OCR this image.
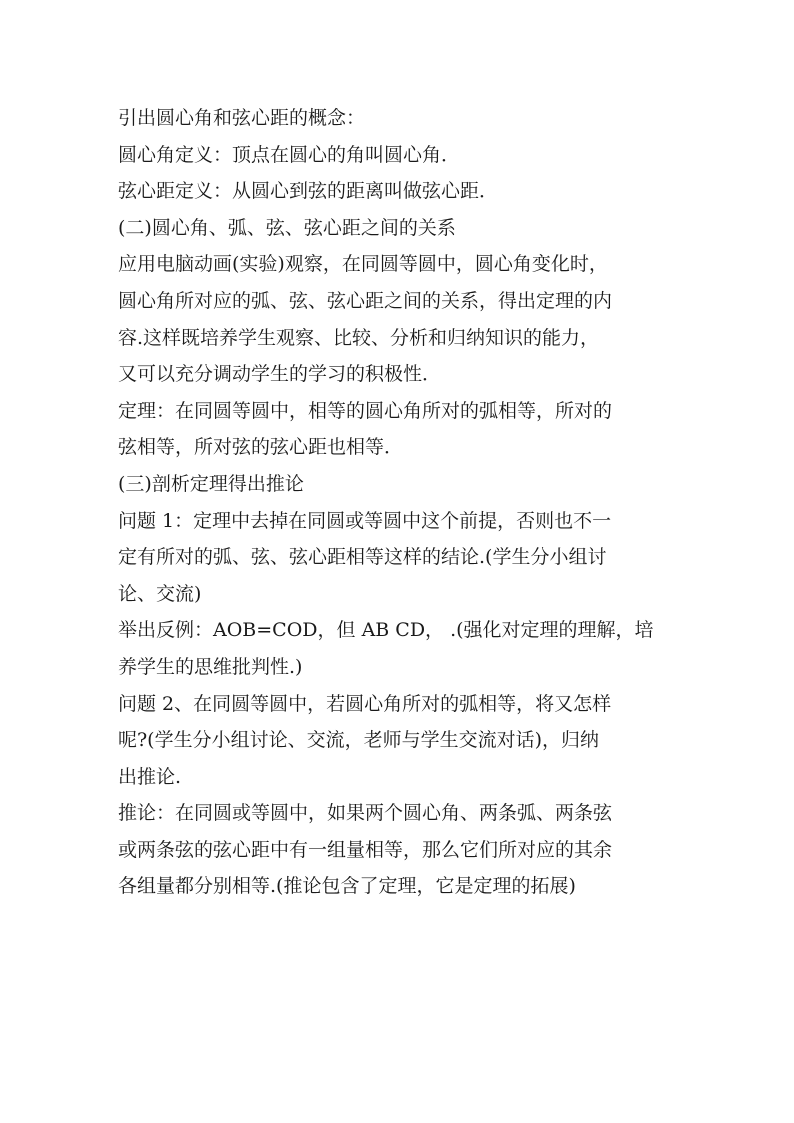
引出圆心角和弦心距的概念：
圆心角定义：顶点在圆心的角叫圆心角．
弦心距定义：从圆心到弦的距离叫做弦心距．
(二)圆心角、弧、弦、弦心距之间的关系
应用电脑动画(实验)观察，在同圆等圆中，圆心角变化时，
圆心角所对应的弧、弦、弦心距之间的关系，得出定理的内
容.这样既培养学生观察、比较、分析和归纳知识的能力，
又可以充分调动学生的学习的积极性．
定理：在同圆等圆中，相等的圆心角所对的弧相等，所对的
弦相等，所对弦的弦心距也相等．
(三)剖析定理得出推论
问题 1：定理中去掉在同圆或等圆中这个前提，否则也不一
定有所对的弧、弦、弦心距相等这样的结论.(学生分小组讨
论、交流)
举出反例：AOB=COD，但 AB CD， .(强化对定理的理解，培
养学生的思维批判性.)
问题 2、在同圆等圆中，若圆心角所对的弧相等，将又怎样
呢?(学生分小组讨论、交流，老师与学生交流对话)，归纳
出推论.
推论：在同圆或等圆中，如果两个圆心角、两条弧、两条弦
或两条弦的弦心距中有一组量相等，那么它们所对应的其余
各组量都分别相等.(推论包含了定理，它是定理的拓展)
